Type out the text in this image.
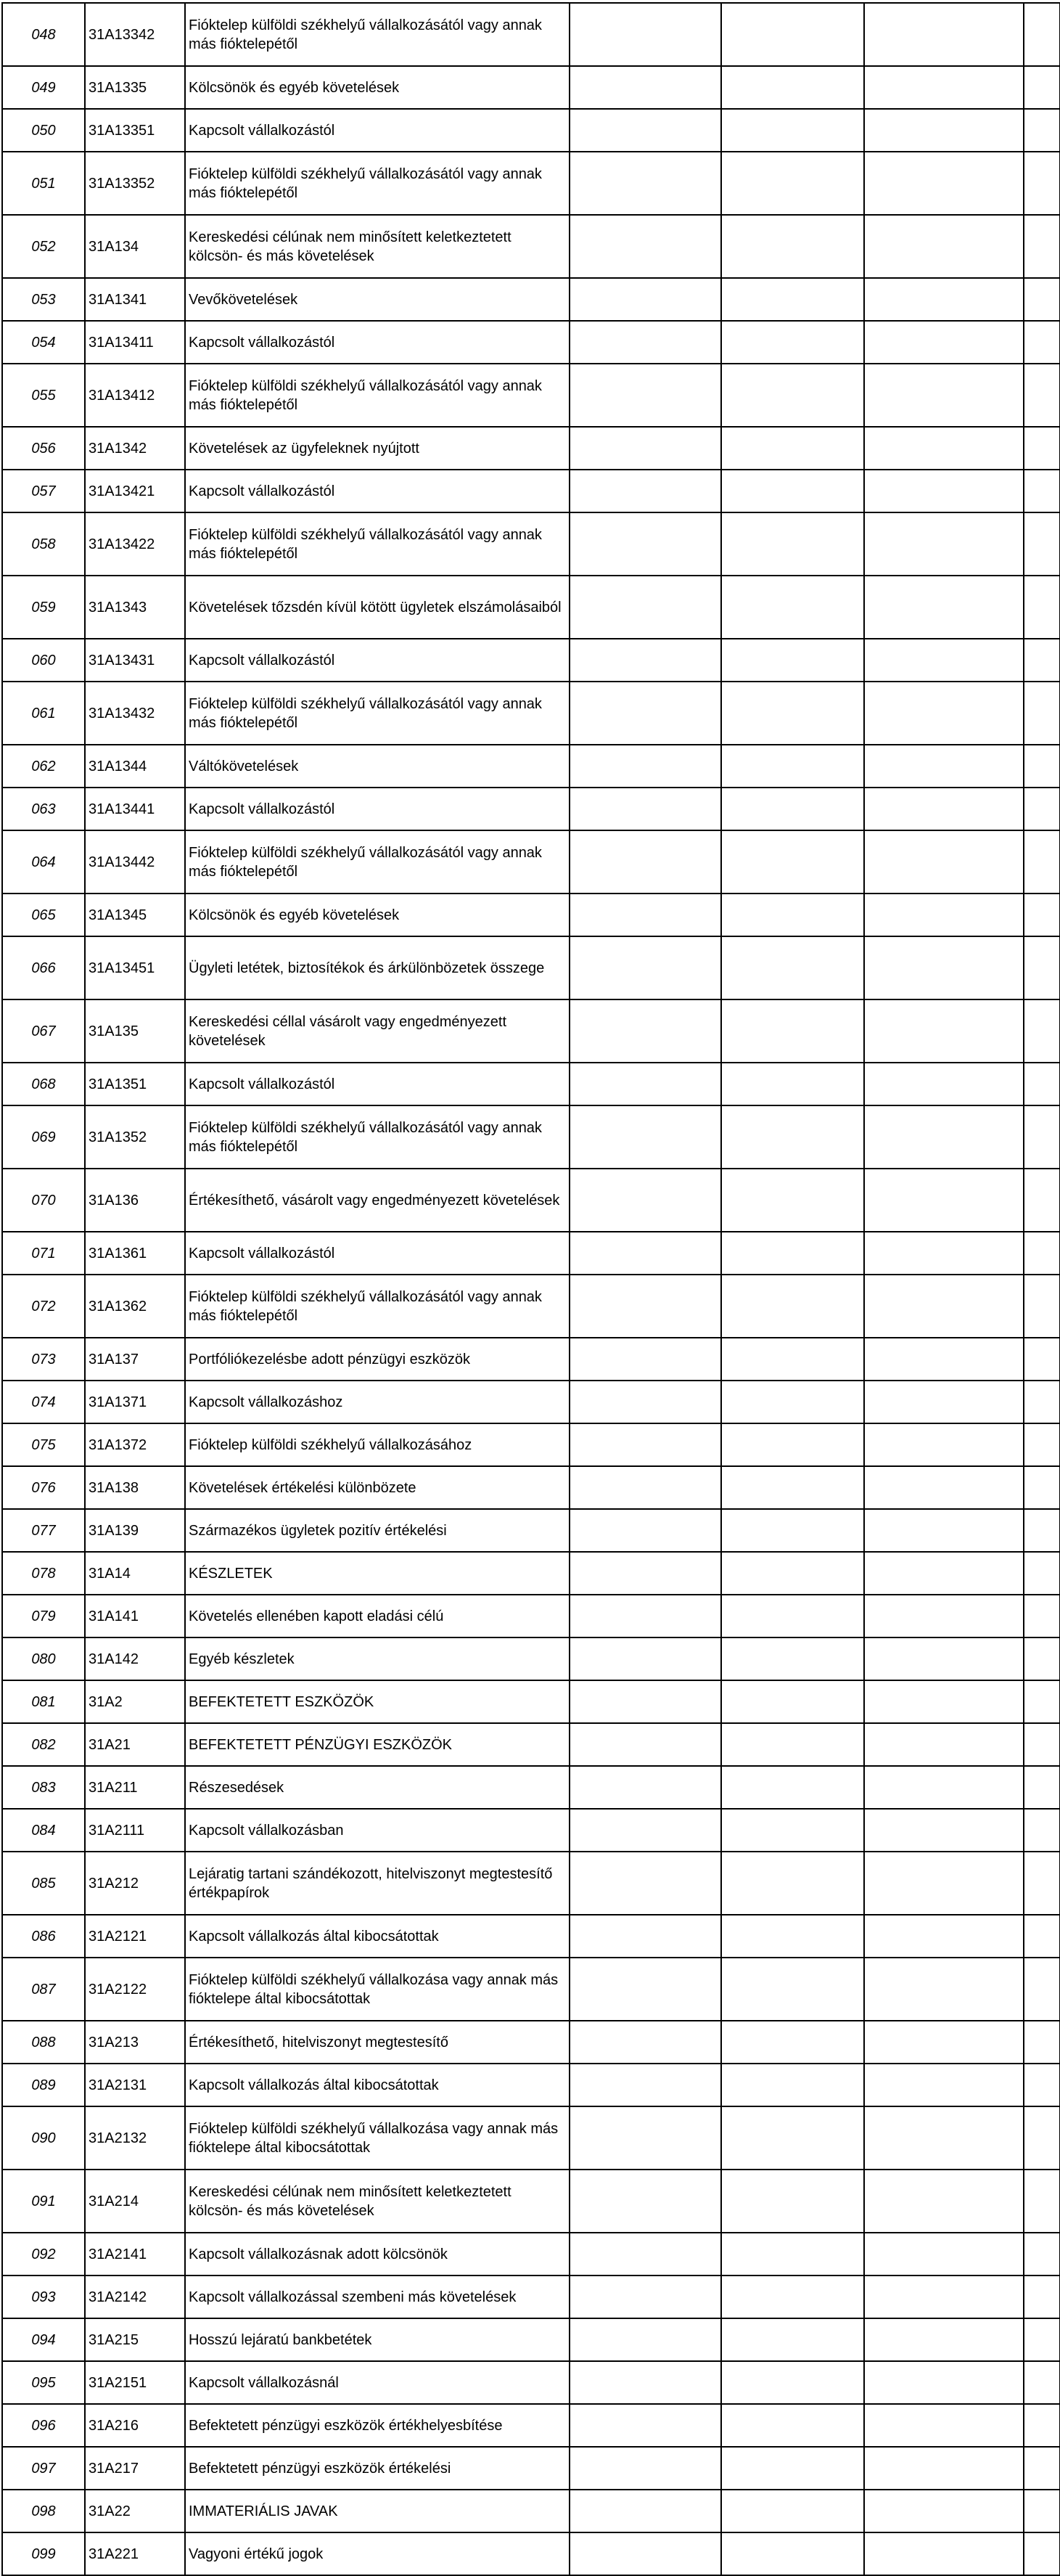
048	31A13342	Fióktelep külföldi székhelyű vállalkozásától vagy annak más fióktelepétől				
049	31A1335	Kölcsönök és egyéb követelések				
050	31A13351	Kapcsolt vállalkozástól				
051	31A13352	Fióktelep külföldi székhelyű vállalkozásától vagy annak más fióktelepétől				
052	31A134	Kereskedési célúnak nem minősített keletkeztetett kölcsön- és más követelések				
053	31A1341	Vevőkövetelések				
054	31A13411	Kapcsolt vállalkozástól				
055	31A13412	Fióktelep külföldi székhelyű vállalkozásától vagy annak más fióktelepétől				
056	31A1342	Követelések az ügyfeleknek nyújtott				
057	31A13421	Kapcsolt vállalkozástól				
058	31A13422	Fióktelep külföldi székhelyű vállalkozásától vagy annak más fióktelepétől				
059	31A1343	Követelések tőzsdén kívül kötött ügyletek elszámolásaiból				
060	31A13431	Kapcsolt vállalkozástól				
061	31A13432	Fióktelep külföldi székhelyű vállalkozásától vagy annak más fióktelepétől				
062	31A1344	Váltókövetelések				
063	31A13441	Kapcsolt vállalkozástól				
064	31A13442	Fióktelep külföldi székhelyű vállalkozásától vagy annak más fióktelepétől				
065	31A1345	Kölcsönök és egyéb követelések				
066	31A13451	Ügyleti letétek, biztosítékok és árkülönbözetek összege				
067	31A135	Kereskedési céllal vásárolt vagy engedményezett követelések				
068	31A1351	Kapcsolt vállalkozástól				
069	31A1352	Fióktelep külföldi székhelyű vállalkozásától vagy annak más fióktelepétől				
070	31A136	Értékesíthető, vásárolt vagy engedményezett követelések				
071	31A1361	Kapcsolt vállalkozástól				
072	31A1362	Fióktelep külföldi székhelyű vállalkozásától vagy annak más fióktelepétől				
073	31A137	Portfóliókezelésbe adott pénzügyi eszközök				
074	31A1371	Kapcsolt vállalkozáshoz				
075	31A1372	Fióktelep külföldi székhelyű vállalkozásához				
076	31A138	Követelések értékelési különbözete				
077	31A139	Származékos ügyletek pozitív értékelési				
078	31A14	KÉSZLETEK				
079	31A141	Követelés ellenében kapott eladási célú				
080	31A142	Egyéb készletek				
081	31A2	BEFEKTETETT ESZKÖZÖK				
082	31A21	BEFEKTETETT PÉNZÜGYI ESZKÖZÖK				
083	31A211	Részesedések				
084	31A2111	Kapcsolt vállalkozásban				
085	31A212	Lejáratig tartani szándékozott, hitelviszonyt megtestesítő értékpapírok				
086	31A2121	Kapcsolt vállalkozás által kibocsátottak				
087	31A2122	Fióktelep külföldi székhelyű vállalkozása vagy annak más fióktelepe által kibocsátottak				
088	31A213	Értékesíthető, hitelviszonyt megtestesítő				
089	31A2131	Kapcsolt vállalkozás által kibocsátottak				
090	31A2132	Fióktelep külföldi székhelyű vállalkozása vagy annak más fióktelepe által kibocsátottak				
091	31A214	Kereskedési célúnak nem minősített keletkeztetett kölcsön- és más követelések				
092	31A2141	Kapcsolt vállalkozásnak adott kölcsönök				
093	31A2142	Kapcsolt vállalkozással szembeni más követelések				
094	31A215	Hosszú lejáratú bankbetétek				
095	31A2151	Kapcsolt vállalkozásnál				
096	31A216	Befektetett pénzügyi eszközök értékhelyesbítése				
097	31A217	Befektetett pénzügyi eszközök értékelési				
098	31A22	IMMATERIÁLIS JAVAK				
099	31A221	Vagyoni értékű jogok				
